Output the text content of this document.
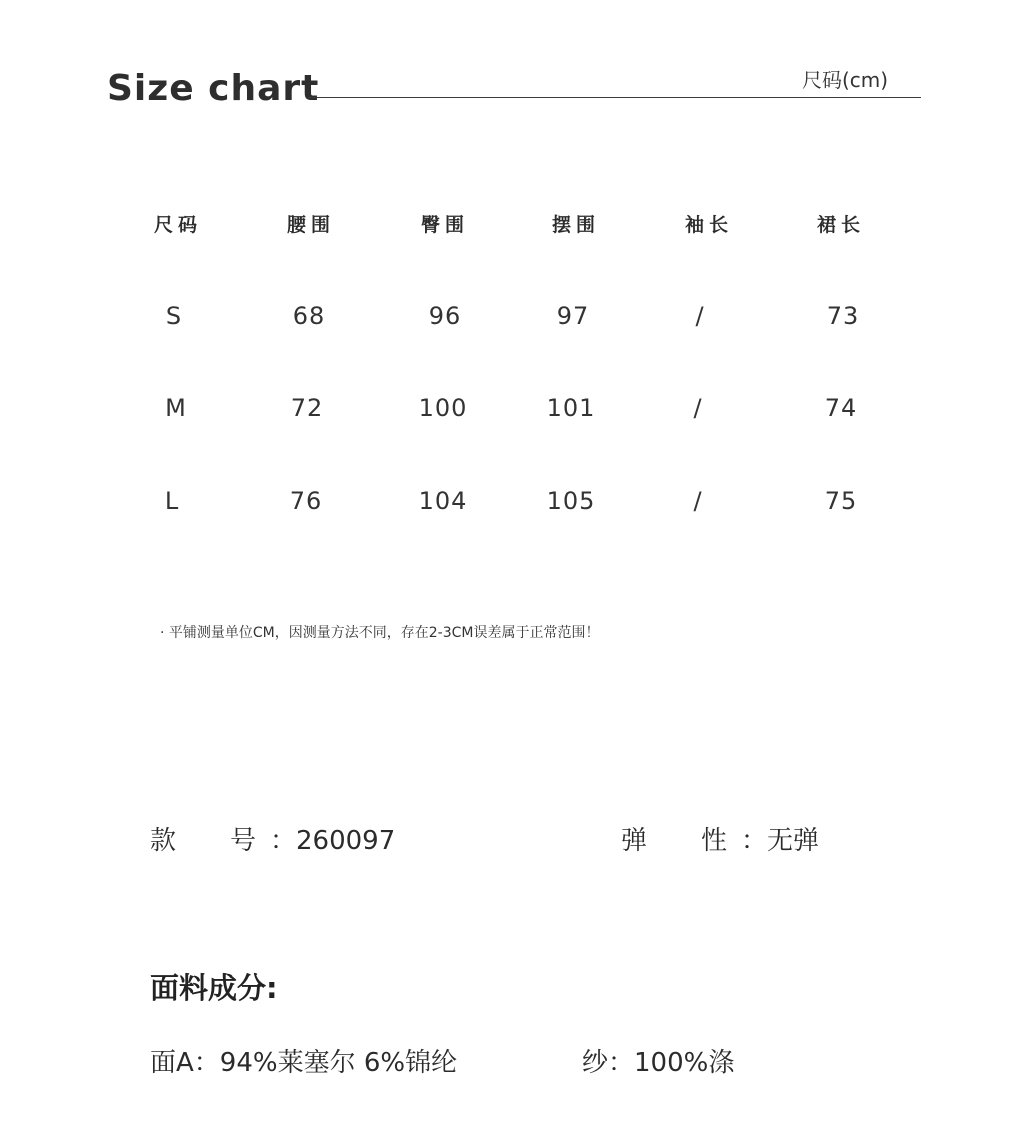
Size chart	尺码(cm)
尺码	腰围	臀围	摆围	袖长	裙长
S	68	96	97	/	73
M	72	100	101	/	74
L	76	104	105	/	75
· 平铺测量单位CM，因测量方法不同，存在2-3CM误差属于正常范围！
款 号 ：260097	弹 性 ：无弹
面料成分:
面A：94%莱塞尔 6%锦纶	纱：100%涤
